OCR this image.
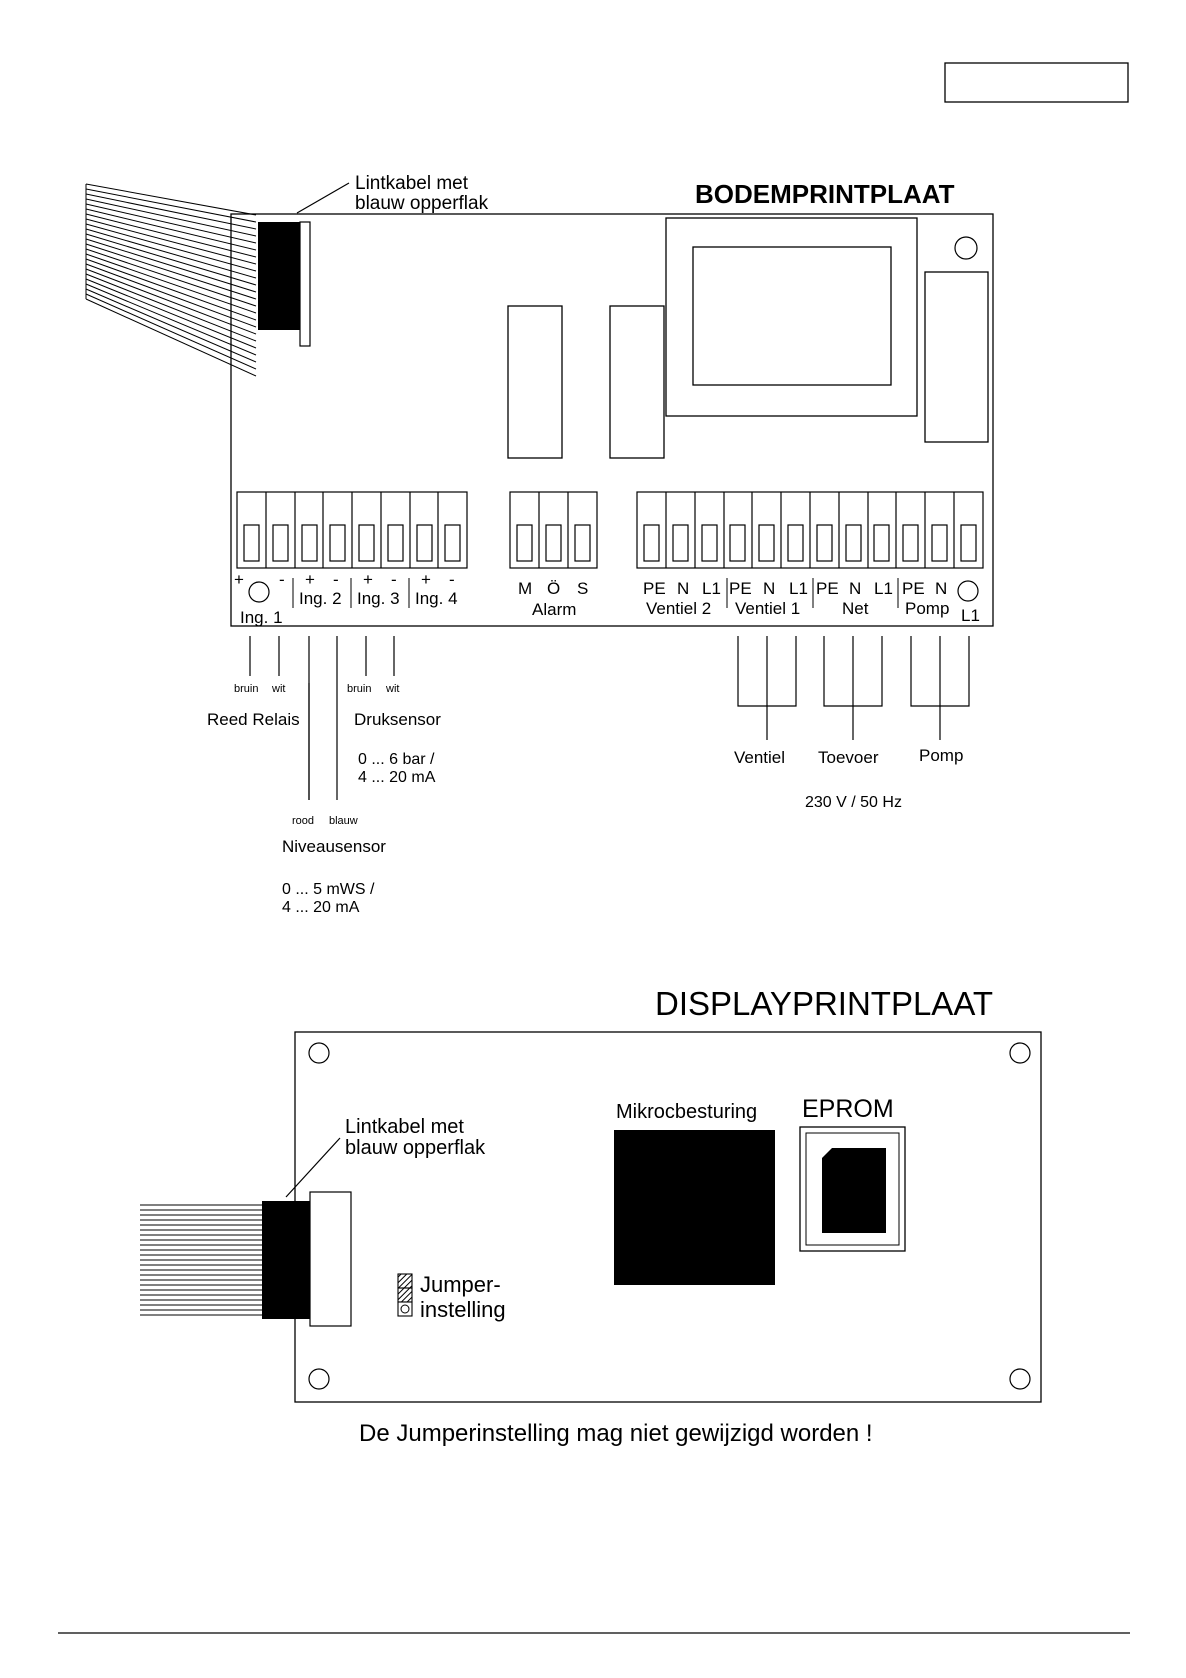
Lintkabel met
blauw opperflak	BODEMPRINTPLAAT
+ - + - + - + -
Ing. 1
Ing. 2 Ing. 3 Ing. 4
M Ö S
Alarm
PE N L1 PE N L1 PE N L1 PE N
L1
Ventiel 2 Ventiel 1 Net Pomp
bruin wit	bruin wit
Reed Relais	Druksensor
0 ... 6 bar /
4 ... 20 mA
rood blauw
Niveausensor
0 ... 5 mWS /
4 ... 20 mA
Ventiel Toevoer Pomp
230 V / 50 Hz
DISPLAYPRINTPLAAT
Lintkabel met
blauw opperflak
Jumper-
instelling
Mikrocbesturing EPROM
De Jumperinstelling mag niet gewijzigd worden !
